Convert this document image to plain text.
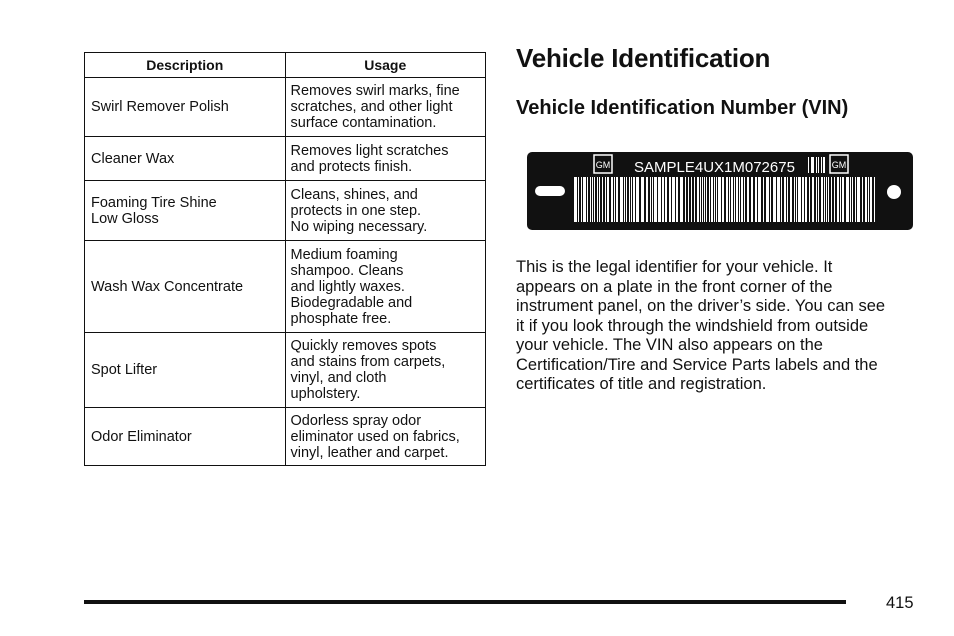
Description	Usage

Swirl Remover Polish	Removes swirl marks, fine
scratches, and other light
surface contamination.

Cleaner Wax	Removes light scratches
and protects finish.

Foaming Tire Shine
Low Gloss	Cleans, shines, and
protects in one step.
No wiping necessary.

Wash Wax Concentrate	Medium foaming
shampoo. Cleans
and lightly waxes.
Biodegradable and
phosphate free.

Spot Lifter	Quickly removes spots
and stains from carpets,
vinyl, and cloth
upholstery.

Odor Eliminator	Odorless spray odor
eliminator used on fabrics,
vinyl, leather and carpet.
Vehicle Identification
Vehicle Identification Number (VIN)
GM	GM
SAMPLE4UX1M072675

This is the legal identifier for your vehicle. It
appears on a plate in the front corner of the
instrument panel, on the driver’s side. You can see
it if you look through the windshield from outside
your vehicle. The VIN also appears on the
Certification/Tire and Service Parts labels and the
certificates of title and registration.

415
